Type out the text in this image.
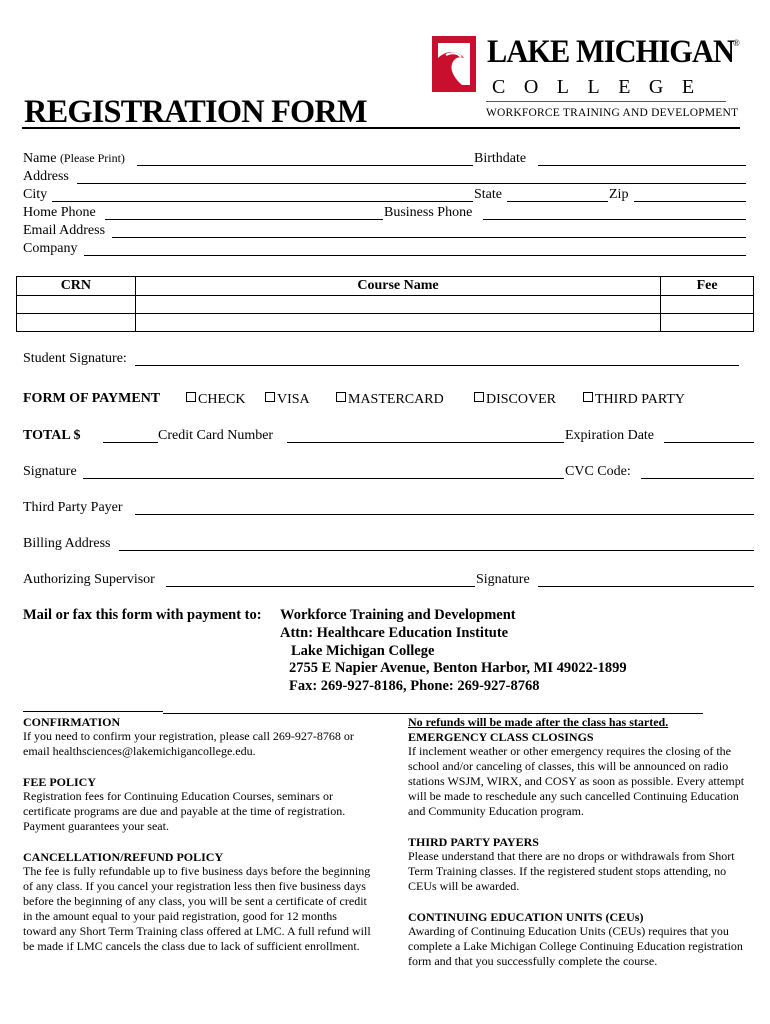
LAKE MICHIGAN ®
COLLEGE
WORKFORCE TRAINING AND DEVELOPMENT
REGISTRATION FORM
Name (Please Print)	Birthdate
Address
City	State	Zip
Home Phone	Business Phone
Email Address
Company
CRN	Course Name	Fee

Student Signature:
FORM OF PAYMENT	CHECK	VISA	MASTERCARD	DISCOVER	THIRD PARTY
TOTAL $	Credit Card Number	Expiration Date
Signature	CVC Code:
Third Party Payer
Billing Address
Authorizing Supervisor	Signature
Mail or fax this form with payment to: Workforce Training and Development
Attn: Healthcare Education Institute
Lake Michigan College
2755 E Napier Avenue, Benton Harbor, MI 49022-1899
Fax: 269-927-8186, Phone: 269-927-8768
CONFIRMATION
If you need to confirm your registration, please call 269-927-8768 or email healthsciences@lakemichigancollege.edu.
FEE POLICY
Registration fees for Continuing Education Courses, seminars or certificate programs are due and payable at the time of registration. Payment guarantees your seat.
CANCELLATION/REFUND POLICY
The fee is fully refundable up to five business days before the beginning of any class. If you cancel your registration less then five business days before the beginning of any class, you will be sent a certificate of credit in the amount equal to your paid registration, good for 12 months toward any Short Term Training class offered at LMC. A full refund will be made if LMC cancels the class due to lack of sufficient enrollment.
No refunds will be made after the class has started.
EMERGENCY CLASS CLOSINGS
If inclement weather or other emergency requires the closing of the school and/or canceling of classes, this will be announced on radio stations WSJM, WIRX, and COSY as soon as possible. Every attempt will be made to reschedule any such cancelled Continuing Education and Community Education program.
THIRD PARTY PAYERS
Please understand that there are no drops or withdrawals from Short Term Training classes. If the registered student stops attending, no CEUs will be awarded.
CONTINUING EDUCATION UNITS (CEUs)
Awarding of Continuing Education Units (CEUs) requires that you complete a Lake Michigan College Continuing Education registration form and that you successfully complete the course.
